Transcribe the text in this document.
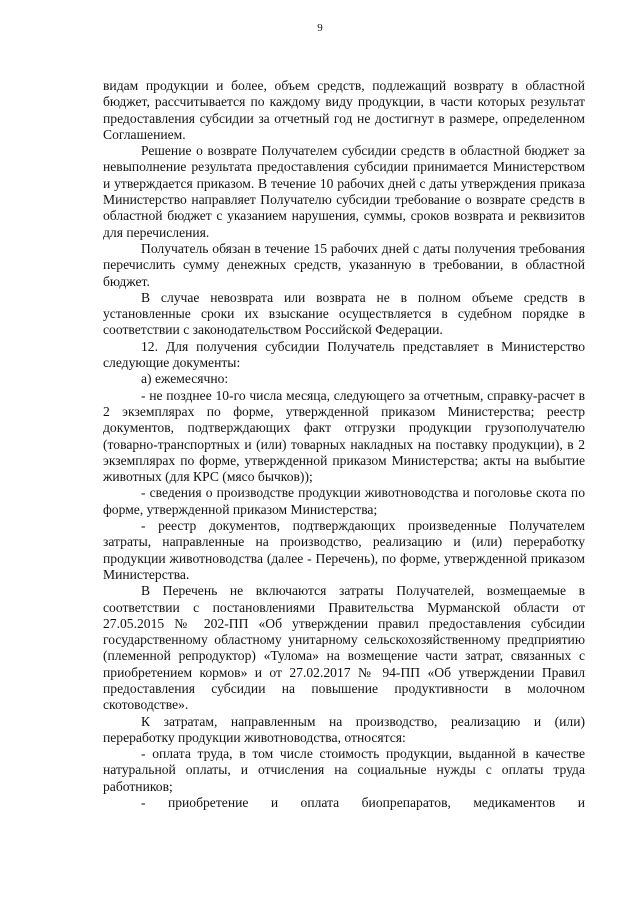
9

видам продукции и более, объем средств, подлежащий возврату в областной бюджет, рассчитывается по каждому виду продукции, в части которых результат предоставления субсидии за отчетный год не достигнут в размере, определенном Соглашением.

Решение о возврате Получателем субсидии средств в областной бюджет за невыполнение результата предоставления субсидии принимается Министерством и утверждается приказом. В течение 10 рабочих дней с даты утверждения приказа Министерство направляет Получателю субсидии требование о возврате средств в областной бюджет с указанием нарушения, суммы, сроков возврата и реквизитов для перечисления.

Получатель обязан в течение 15 рабочих дней с даты получения требования перечислить сумму денежных средств, указанную в требовании, в областной бюджет.

В случае невозврата или возврата не в полном объеме средств в установленные сроки их взыскание осуществляется в судебном порядке в соответствии с законодательством Российской Федерации.

12. Для получения субсидии Получатель представляет в Министерство следующие документы:

а) ежемесячно:

- не позднее 10-го числа месяца, следующего за отчетным, справку-расчет в 2 экземплярах по форме, утвержденной приказом Министерства; реестр документов, подтверждающих факт отгрузки продукции грузополучателю (товарно-транспортных и (или) товарных накладных на поставку продукции), в 2 экземплярах по форме, утвержденной приказом Министерства; акты на выбытие животных (для КРС (мясо бычков));

- сведения о производстве продукции животноводства и поголовье скота по форме, утвержденной приказом Министерства;

- реестр документов, подтверждающих произведенные Получателем затраты, направленные на производство, реализацию и (или) переработку продукции животноводства (далее - Перечень), по форме, утвержденной приказом Министерства.

В Перечень не включаются затраты Получателей, возмещаемые в соответствии с постановлениями Правительства Мурманской области от 27.05.2015 № 202-ПП «Об утверждении правил предоставления субсидии государственному областному унитарному сельскохозяйственному предприятию (племенной репродуктор) «Тулома» на возмещение части затрат, связанных с приобретением кормов» и от 27.02.2017 № 94-ПП «Об утверждении Правил предоставления субсидии на повышение продуктивности в молочном скотоводстве».

К затратам, направленным на производство, реализацию и (или) переработку продукции животноводства, относятся:

- оплата труда, в том числе стоимость продукции, выданной в качестве натуральной оплаты, и отчисления на социальные нужды с оплаты труда работников;

- приобретение и оплата биопрепаратов, медикаментов и
